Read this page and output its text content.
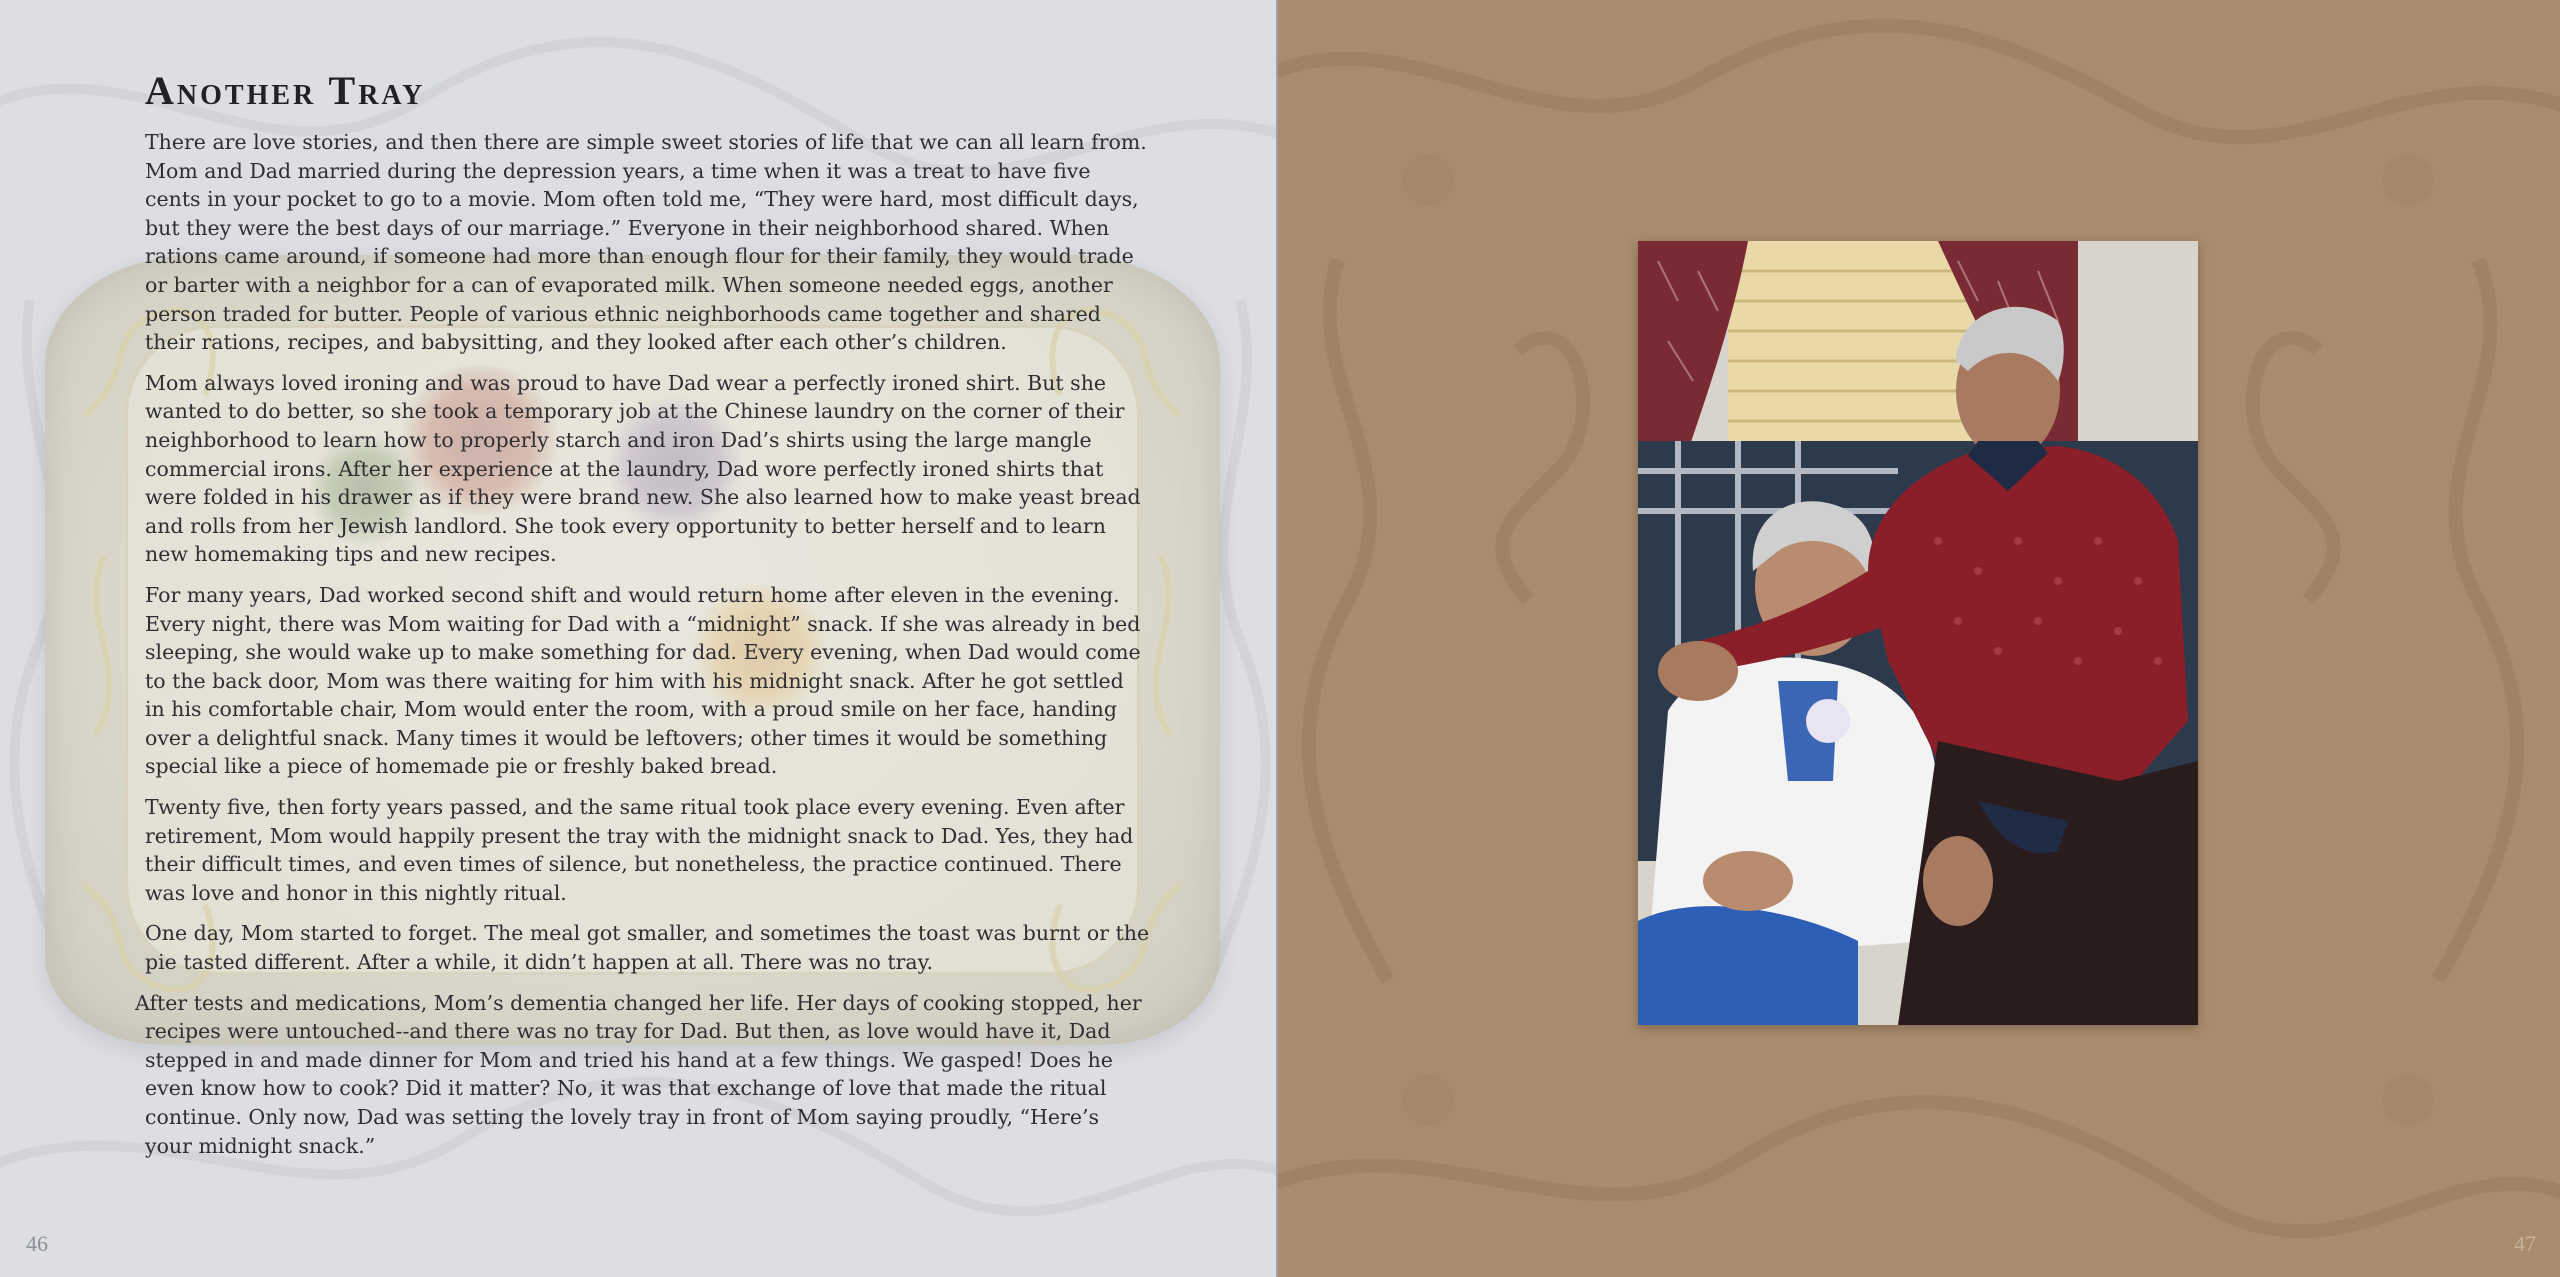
Another Tray

There are love stories, and then there are simple sweet stories of life that we can all learn from. Mom and Dad married during the depression years, a time when it was a treat to have five cents in your pocket to go to a movie. Mom often told me, “They were hard, most difficult days, but they were the best days of our marriage.” Everyone in their neighborhood shared. When rations came around, if someone had more than enough flour for their family, they would trade or barter with a neighbor for a can of evaporated milk. When someone needed eggs, another person traded for butter. People of various ethnic neighborhoods came together and shared their rations, recipes, and babysitting, and they looked after each other’s children.

Mom always loved ironing and was proud to have Dad wear a perfectly ironed shirt. But she wanted to do better, so she took a temporary job at the Chinese laundry on the corner of their neighborhood to learn how to properly starch and iron Dad’s shirts using the large mangle commercial irons. After her experience at the laundry, Dad wore perfectly ironed shirts that were folded in his drawer as if they were brand new. She also learned how to make yeast bread and rolls from her Jewish landlord. She took every opportunity to better herself and to learn new homemaking tips and new recipes.

For many years, Dad worked second shift and would return home after eleven in the evening. Every night, there was Mom waiting for Dad with a “midnight” snack. If she was already in bed sleeping, she would wake up to make something for dad. Every evening, when Dad would come to the back door, Mom was there waiting for him with his midnight snack. After he got settled in his comfortable chair, Mom would enter the room, with a proud smile on her face, handing over a delightful snack. Many times it would be leftovers; other times it would be something special like a piece of homemade pie or freshly baked bread.

Twenty five, then forty years passed, and the same ritual took place every evening. Even after retirement, Mom would happily present the tray with the midnight snack to Dad. Yes, they had their difficult times, and even times of silence, but nonetheless, the practice continued. There was love and honor in this nightly ritual.

One day, Mom started to forget. The meal got smaller, and sometimes the toast was burnt or the pie tasted different. After a while, it didn’t happen at all. There was no tray.

After tests and medications, Mom’s dementia changed her life. Her days of cooking stopped, her recipes were untouched--and there was no tray for Dad. But then, as love would have it, Dad stepped in and made dinner for Mom and tried his hand at a few things. We gasped! Does he even know how to cook? Did it matter? No, it was that exchange of love that made the ritual continue. Only now, Dad was setting the lovely tray in front of Mom saying proudly, “Here’s your midnight snack.”

46	47
